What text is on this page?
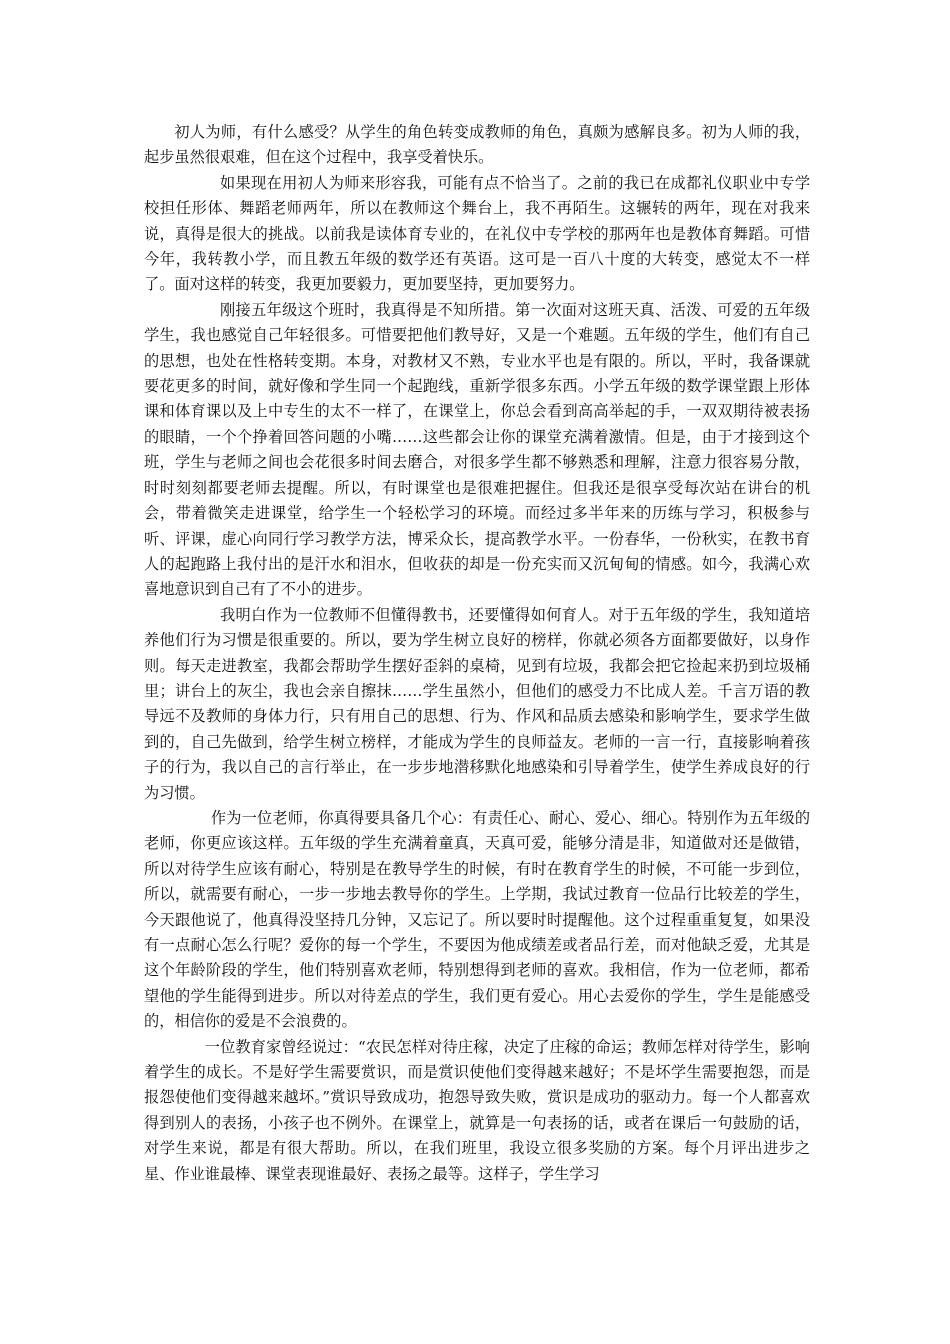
初人为师，有什么感受？从学生的角色转变成教师的角色，真颇为感解良多。初为人师的我，起步虽然很艰难，但在这个过程中，我享受着快乐。

如果现在用初人为师来形容我，可能有点不恰当了。之前的我已在成都礼仪职业中专学校担任形体、舞蹈老师两年，所以在教师这个舞台上，我不再陌生。这辗转的两年，现在对我来说，真得是很大的挑战。以前我是读体育专业的，在礼仪中专学校的那两年也是教体育舞蹈。可惜今年，我转教小学，而且教五年级的数学还有英语。这可是一百八十度的大转变，感觉太不一样了。面对这样的转变，我更加要毅力，更加要坚持，更加要努力。

刚接五年级这个班时，我真得是不知所措。第一次面对这班天真、活泼、可爱的五年级学生，我也感觉自己年轻很多。可惜要把他们教导好，又是一个难题。五年级的学生，他们有自己的思想，也处在性格转变期。本身，对教材又不熟，专业水平也是有限的。所以，平时，我备课就要花更多的时间，就好像和学生同一个起跑线，重新学很多东西。小学五年级的数学课堂跟上形体课和体育课以及上中专生的太不一样了，在课堂上，你总会看到高高举起的手，一双双期待被表扬的眼睛，一个个挣着回答问题的小嘴……这些都会让你的课堂充满着激情。但是，由于才接到这个班，学生与老师之间也会花很多时间去磨合，对很多学生都不够熟悉和理解，注意力很容易分散，时时刻刻都要老师去提醒。所以，有时课堂也是很难把握住。但我还是很享受每次站在讲台的机会，带着微笑走进课堂，给学生一个轻松学习的环境。而经过多半年来的历练与学习，积极参与听、评课，虚心向同行学习教学方法，博采众长，提高教学水平。一份春华，一份秋实，在教书育人的起跑路上我付出的是汗水和泪水，但收获的却是一份充实而又沉甸甸的情感。如今，我满心欢喜地意识到自己有了不小的进步。

我明白作为一位教师不但懂得教书，还要懂得如何育人。对于五年级的学生，我知道培养他们行为习惯是很重要的。所以，要为学生树立良好的榜样，你就必须各方面都要做好，以身作则。每天走进教室，我都会帮助学生摆好歪斜的桌椅，见到有垃圾，我都会把它捡起来扔到垃圾桶里；讲台上的灰尘，我也会亲自擦抹……学生虽然小，但他们的感受力不比成人差。千言万语的教导远不及教师的身体力行，只有用自己的思想、行为、作风和品质去感染和影响学生，要求学生做到的，自己先做到，给学生树立榜样，才能成为学生的良师益友。老师的一言一行，直接影响着孩子的行为，我以自己的言行举止，在一步步地潜移默化地感染和引导着学生，使学生养成良好的行为习惯。

作为一位老师，你真得要具备几个心：有责任心、耐心、爱心、细心。特别作为五年级的老师，你更应该这样。五年级的学生充满着童真，天真可爱，能够分清是非，知道做对还是做错，所以对待学生应该有耐心，特别是在教导学生的时候，有时在教育学生的时候，不可能一步到位，所以，就需要有耐心，一步一步地去教导你的学生。上学期，我试过教育一位品行比较差的学生，今天跟他说了，他真得没坚持几分钟，又忘记了。所以要时时提醒他。这个过程重重复复，如果没有一点耐心怎么行呢？爱你的每一个学生，不要因为他成绩差或者品行差，而对他缺乏爱，尤其是这个年龄阶段的学生，他们特别喜欢老师，特别想得到老师的喜欢。我相信，作为一位老师，都希望他的学生能得到进步。所以对待差点的学生，我们更有爱心。用心去爱你的学生，学生是能感受的，相信你的爱是不会浪费的。

一位教育家曾经说过：“农民怎样对待庄稼，决定了庄稼的命运；教师怎样对待学生，影响着学生的成长。不是好学生需要赏识，而是赏识使他们变得越来越好；不是坏学生需要抱怨，而是报怨使他们变得越来越坏。”赏识导致成功，抱怨导致失败，赏识是成功的驱动力。每一个人都喜欢得到别人的表扬，小孩子也不例外。在课堂上，就算是一句表扬的话，或者在课后一句鼓励的话，对学生来说，都是有很大帮助。所以，在我们班里，我设立很多奖励的方案。每个月评出进步之星、作业谁最棒、课堂表现谁最好、表扬之最等。这样子，学生学习
